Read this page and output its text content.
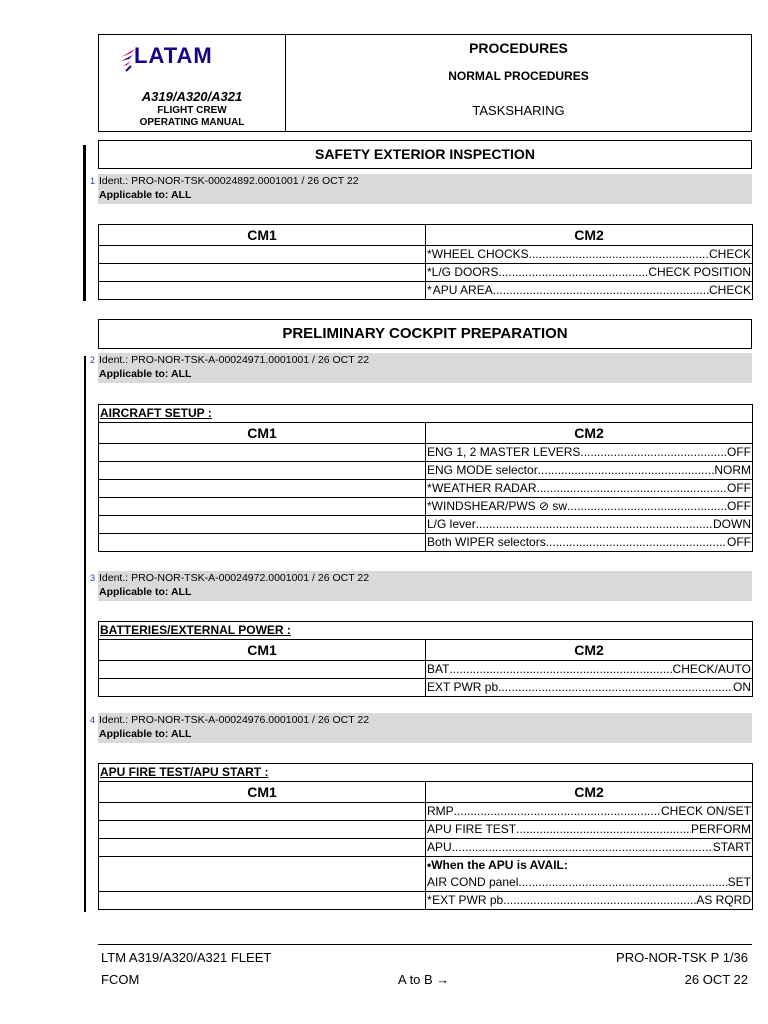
LATAM
A319/A320/A321
FLIGHT CREW
OPERATING MANUAL
PROCEDURES
NORMAL PROCEDURES
TASKSHARING
SAFETY EXTERIOR INSPECTION
1 Ident.: PRO-NOR-TSK-00024892.0001001 / 26 OCT 22
Applicable to: ALL
CM1	CM2

	* WHEEL CHOCKS ..... CHECK

	* L/G DOORS ..... CHECK POSITION

	* APU AREA ..... CHECK
PRELIMINARY COCKPIT PREPARATION
2 Ident.: PRO-NOR-TSK-A-00024971.0001001 / 26 OCT 22
Applicable to: ALL
AIRCRAFT SETUP :	
CM1	CM2

	ENG 1, 2 MASTER LEVERS ..... OFF

	ENG MODE selector ..... NORM

	* WEATHER RADAR ..... OFF

	* WINDSHEAR/PWS ⊘ sw ..... OFF

	L/G lever ..... DOWN

	Both WIPER selectors ..... OFF
3 Ident.: PRO-NOR-TSK-A-00024972.0001001 / 26 OCT 22
Applicable to: ALL
BATTERIES/EXTERNAL POWER :	
CM1	CM2

	BAT ..... CHECK/AUTO

	EXT PWR pb ..... ON
4 Ident.: PRO-NOR-TSK-A-00024976.0001001 / 26 OCT 22
Applicable to: ALL
APU FIRE TEST/APU START :	
CM1	CM2

	RMP ..... CHECK ON/SET

	APU FIRE TEST ..... PERFORM

	APU ..... START

	•When the APU is AVAIL:
AIR COND panel ..... SET

	* EXT PWR pb ..... AS RQRD
LTM A319/A320/A321 FLEET	PRO-NOR-TSK P 1/36
FCOM	A to B →	26 OCT 22
